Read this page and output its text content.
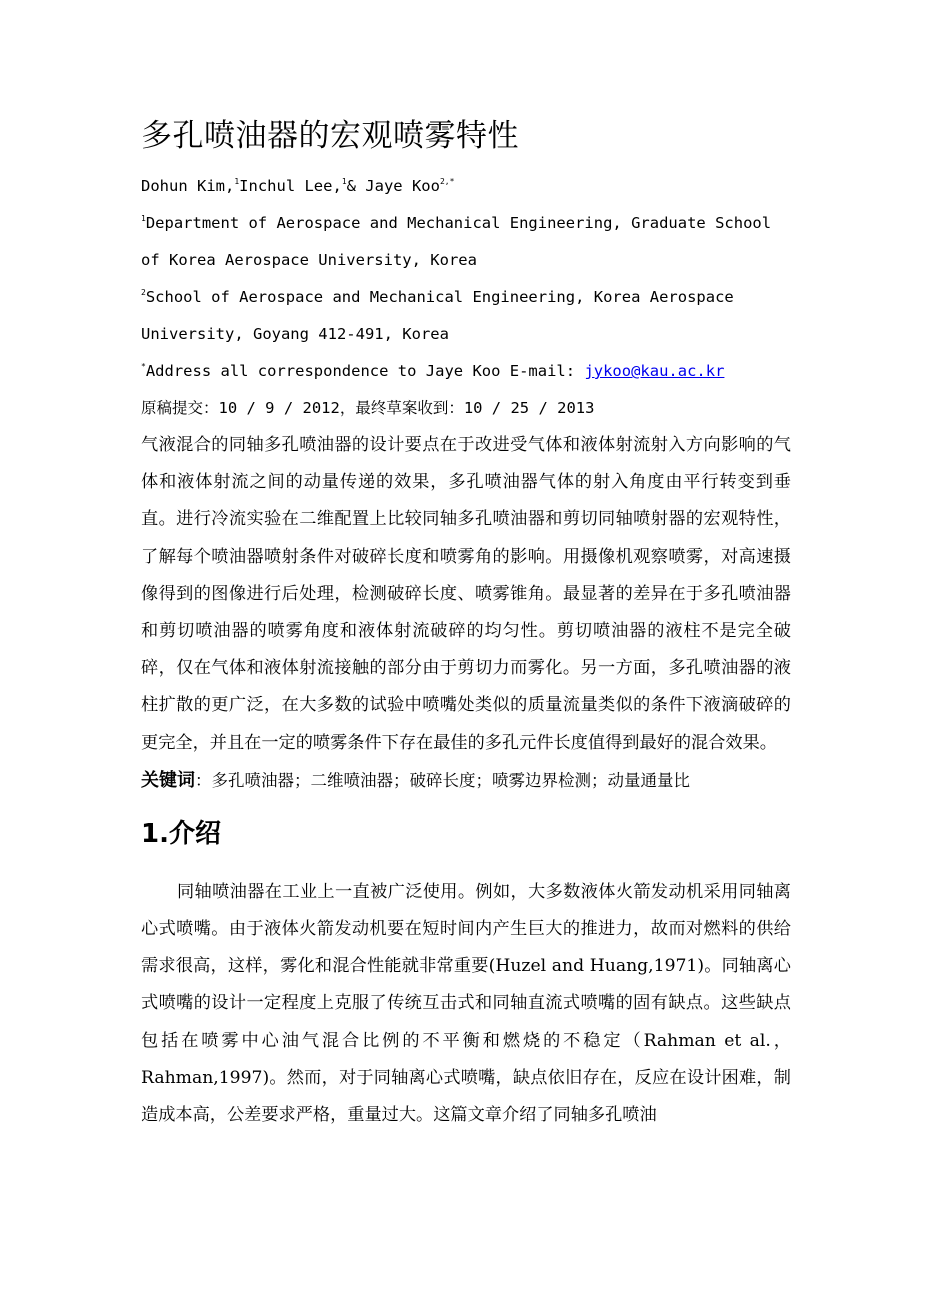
多孔喷油器的宏观喷雾特性

Dohun Kim,$^1$Inchul Lee,$^1$& Jaye Koo$^{2,*}$

$^1$Department of Aerospace and Mechanical Engineering, Graduate School

of Korea Aerospace University, Korea

$^2$School of Aerospace and Mechanical Engineering, Korea Aerospace

University, Goyang 412-491, Korea

*Address all correspondence to Jaye Koo E-mail: jykoo@kau.ac.kr

原稿提交：10 / 9 / 2012，最终草案收到：10 / 25 / 2013

气液混合的同轴多孔喷油器的设计要点在于改进受气体和液体射流射入方向影响的气体和液体射流之间的动量传递的效果，多孔喷油器气体的射入角度由平行转变到垂直。进行冷流实验在二维配置上比较同轴多孔喷油器和剪切同轴喷射器的宏观特性，了解每个喷油器喷射条件对破碎长度和喷雾角的影响。用摄像机观察喷雾，对高速摄像得到的图像进行后处理，检测破碎长度、喷雾锥角。最显著的差异在于多孔喷油器和剪切喷油器的喷雾角度和液体射流破碎的均匀性。剪切喷油器的液柱不是完全破碎，仅在气体和液体射流接触的部分由于剪切力而雾化。另一方面，多孔喷油器的液柱扩散的更广泛，在大多数的试验中喷嘴处类似的质量流量类似的条件下液滴破碎的更完全，并且在一定的喷雾条件下存在最佳的多孔元件长度值得到最好的混合效果。

关键词：多孔喷油器；二维喷油器；破碎长度；喷雾边界检测；动量通量比

1.介绍

同轴喷油器在工业上一直被广泛使用。例如，大多数液体火箭发动机采用同轴离心式喷嘴。由于液体火箭发动机要在短时间内产生巨大的推进力，故而对燃料的供给需求很高，这样，雾化和混合性能就非常重要(Huzel and Huang,1971)。同轴离心式喷嘴的设计一定程度上克服了传统互击式和同轴直流式喷嘴的固有缺点。这些缺点包括在喷雾中心油气混合比例的不平衡和燃烧的不稳定（Rahman et al.，Rahman,1997)。然而，对于同轴离心式喷嘴，缺点依旧存在，反应在设计困难，制造成本高，公差要求严格，重量过大。这篇文章介绍了同轴多孔喷油
